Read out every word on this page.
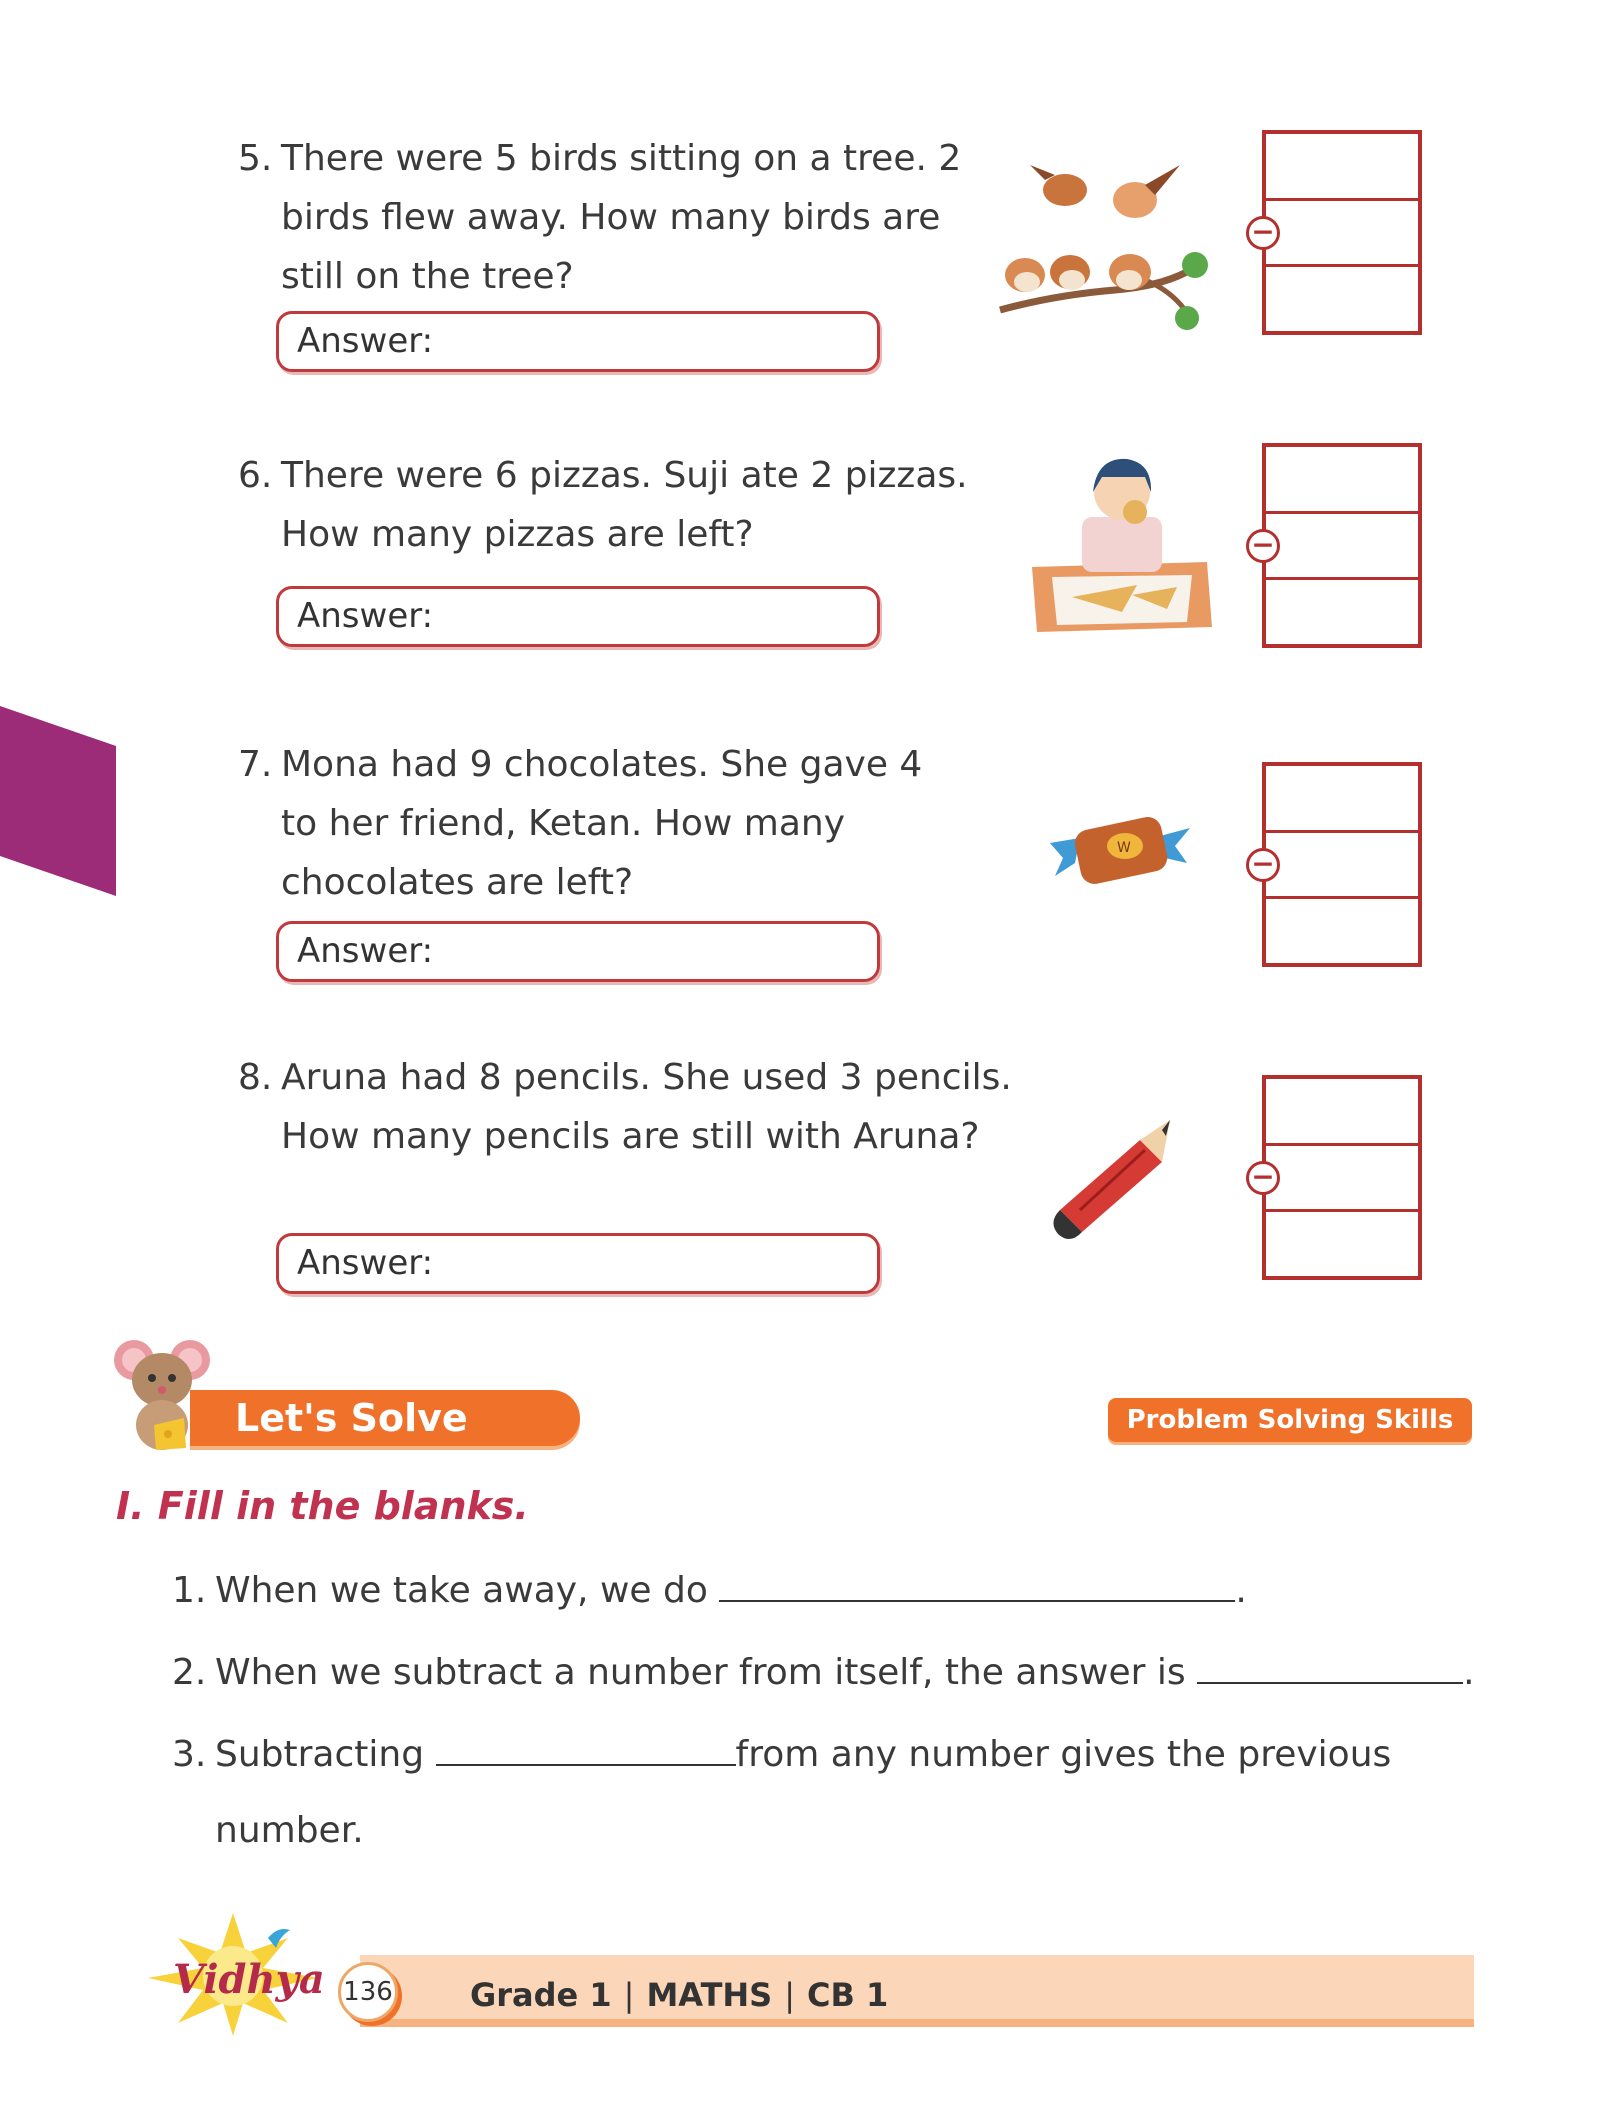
5. There were 5 birds sitting on a tree. 2
birds flew away. How many birds are
still on the tree?
Answer:
6. There were 6 pizzas. Suji ate 2 pizzas.
How many pizzas are left?
Answer:
7. Mona had 9 chocolates. She gave 4
to her friend, Ketan. How many
chocolates are left?
Answer:
8. Aruna had 8 pencils. She used 3 pencils.
How many pencils are still with Aruna?
Answer:
−
−
−
−
W
Let's Solve	Problem Solving Skills
I. Fill in the blanks.
1. When we take away, we do	.
2. When we subtract a number from itself, the answer is	.
3. Subtracting	from any number gives the previous
number.
Vidhya 136 Grade 1 | MATHS | CB 1
